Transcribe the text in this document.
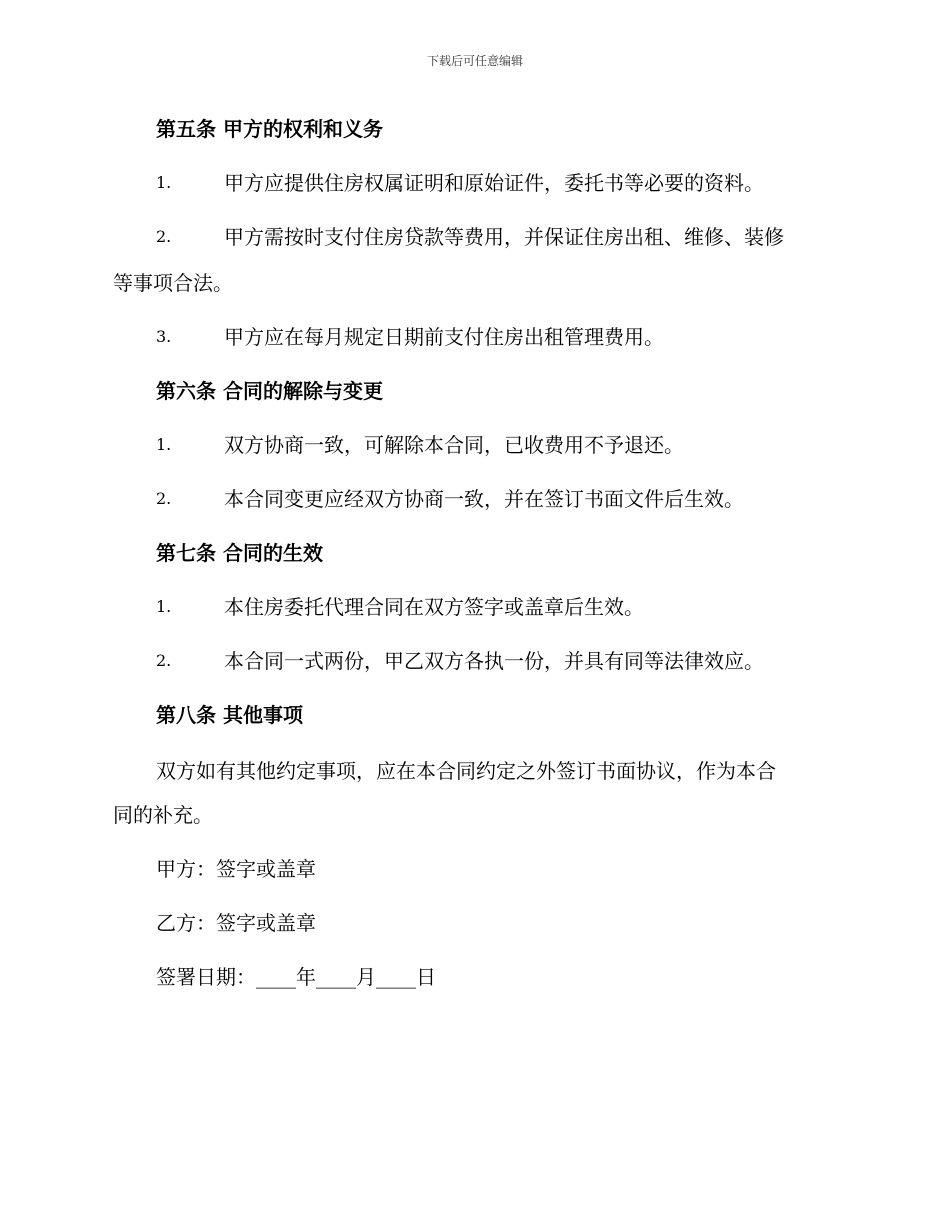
下载后可任意编辑
第五条 甲方的权利和义务
1.	甲方应提供住房权属证明和原始证件，委托书等必要的资料。
2.	甲方需按时支付住房贷款等费用，并保证住房出租、维修、装修
等事项合法。
3.	甲方应在每月规定日期前支付住房出租管理费用。
第六条 合同的解除与变更
1.	双方协商一致，可解除本合同，已收费用不予退还。
2.	本合同变更应经双方协商一致，并在签订书面文件后生效。
第七条 合同的生效
1.	本住房委托代理合同在双方签字或盖章后生效。
2.	本合同一式两份，甲乙双方各执一份，并具有同等法律效应。
第八条 其他事项
双方如有其他约定事项，应在本合同约定之外签订书面协议，作为本合
同的补充。
甲方：签字或盖章
乙方：签字或盖章
签署日期：____年____月____日
